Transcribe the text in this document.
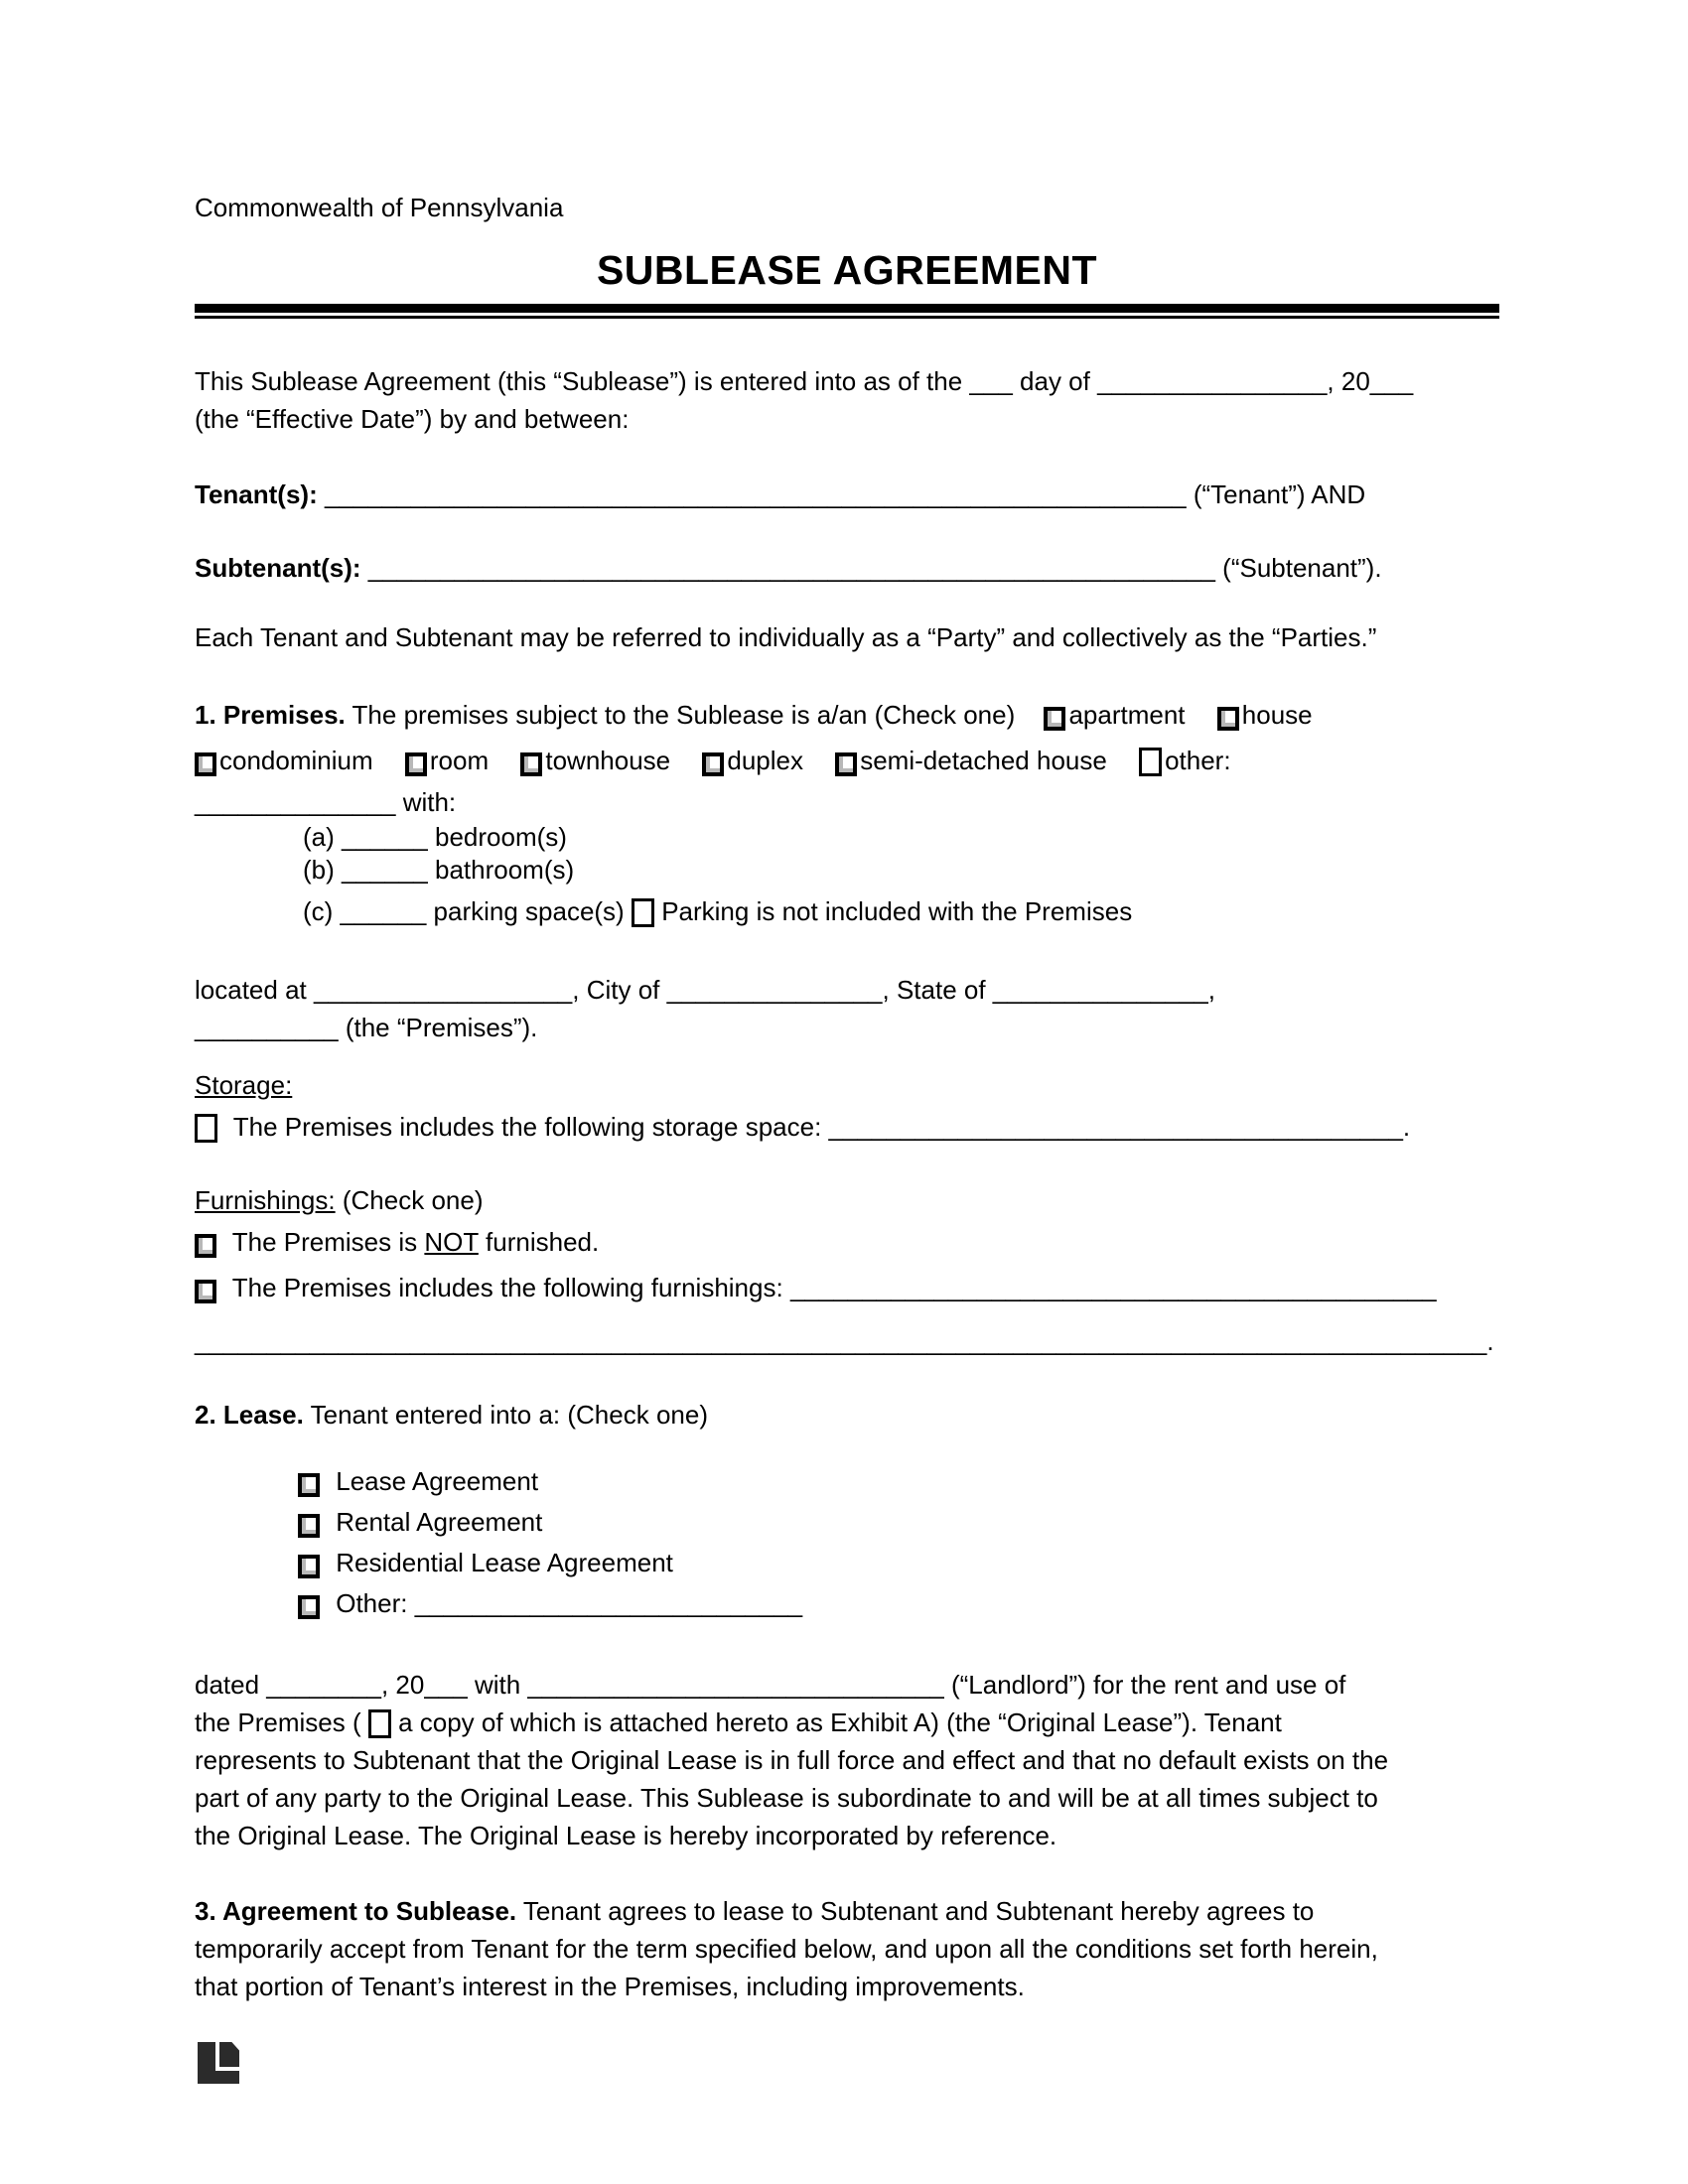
Commonwealth of Pennsylvania
SUBLEASE AGREEMENT
This Sublease Agreement (this “Sublease”) is entered into as of the ___ day of ________________, 20___
(the “Effective Date”) by and between:
Tenant(s): ____________________________________________________________ (“Tenant”) AND
Subtenant(s): ___________________________________________________________ (“Subtenant”).
Each Tenant and Subtenant may be referred to individually as a “Party” and collectively as the “Parties.”
1. Premises. The premises subject to the Sublease is a/an (Check one) apartment house
condominium room townhouse duplex semi-detached house other:
______________ with:
(a) ______ bedroom(s)
(b) ______ bathroom(s)
(c) ______ parking space(s) Parking is not included with the Premises
located at __________________, City of _______________, State of _______________,
__________ (the “Premises”).
Storage:
The Premises includes the following storage space: ________________________________________.
Furnishings: (Check one)
The Premises is NOT furnished.
The Premises includes the following furnishings: _____________________________________________
__________________________________________________________________________________________.
2. Lease. Tenant entered into a: (Check one)
Lease Agreement
Rental Agreement
Residential Lease Agreement
Other: ___________________________
dated ________, 20___ with _____________________________ (“Landlord”) for the rent and use of
the Premises ( a copy of which is attached hereto as Exhibit A) (the “Original Lease”). Tenant
represents to Subtenant that the Original Lease is in full force and effect and that no default exists on the
part of any party to the Original Lease. This Sublease is subordinate to and will be at all times subject to
the Original Lease. The Original Lease is hereby incorporated by reference.
3. Agreement to Sublease. Tenant agrees to lease to Subtenant and Subtenant hereby agrees to
temporarily accept from Tenant for the term specified below, and upon all the conditions set forth herein,
that portion of Tenant’s interest in the Premises, including improvements.
